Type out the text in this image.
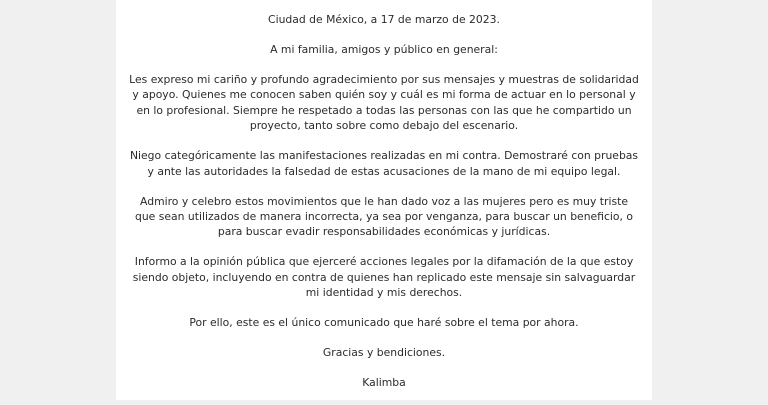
Ciudad de México, a 17 de marzo de 2023.

A mi familia, amigos y público en general:

Les expreso mi cariño y profundo agradecimiento por sus mensajes y muestras de solidaridad
y apoyo. Quienes me conocen saben quién soy y cuál es mi forma de actuar en lo personal y
en lo profesional. Siempre he respetado a todas las personas con las que he compartido un
proyecto, tanto sobre como debajo del escenario.

Niego categóricamente las manifestaciones realizadas en mi contra. Demostraré con pruebas
y ante las autoridades la falsedad de estas acusaciones de la mano de mi equipo legal.

Admiro y celebro estos movimientos que le han dado voz a las mujeres pero es muy triste
que sean utilizados de manera incorrecta, ya sea por venganza, para buscar un beneficio, o
para buscar evadir responsabilidades económicas y jurídicas.

Informo a la opinión pública que ejerceré acciones legales por la difamación de la que estoy
siendo objeto, incluyendo en contra de quienes han replicado este mensaje sin salvaguardar
mi identidad y mis derechos.

Por ello, este es el único comunicado que haré sobre el tema por ahora.

Gracias y bendiciones.

Kalimba
